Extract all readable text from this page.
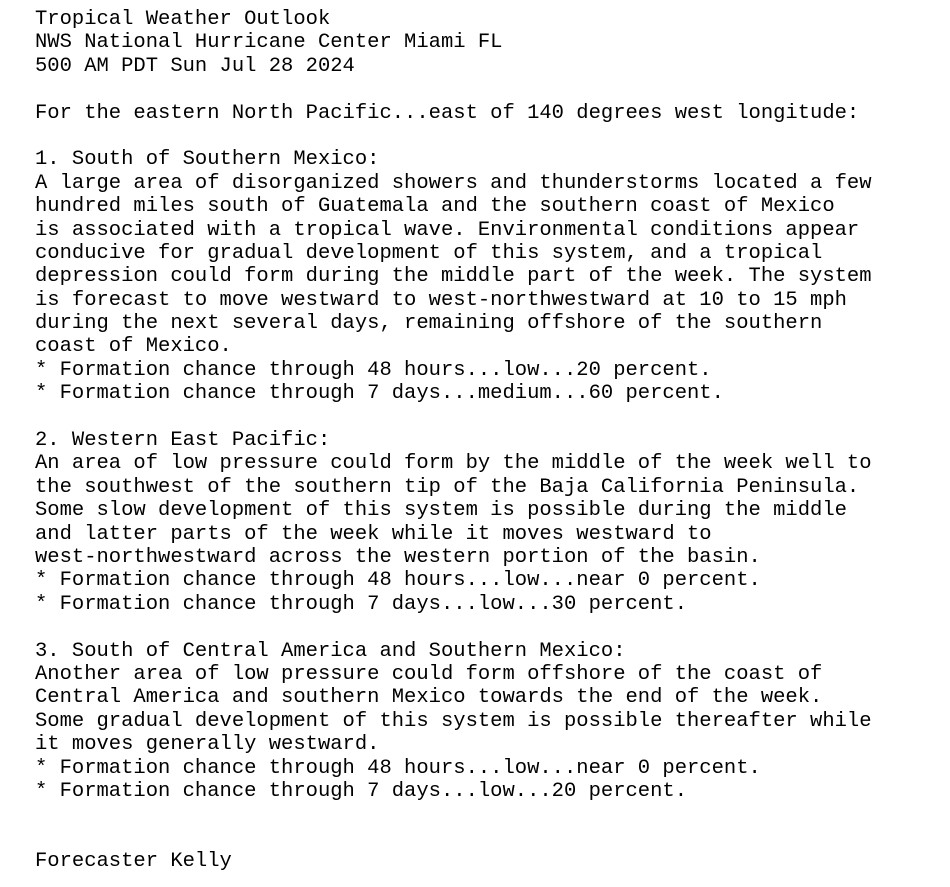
Tropical Weather Outlook
NWS National Hurricane Center Miami FL
500 AM PDT Sun Jul 28 2024
For the eastern North Pacific...east of 140 degrees west longitude:
1. South of Southern Mexico:
A large area of disorganized showers and thunderstorms located a few
hundred miles south of Guatemala and the southern coast of Mexico
is associated with a tropical wave. Environmental conditions appear
conducive for gradual development of this system, and a tropical
depression could form during the middle part of the week. The system
is forecast to move westward to west-northwestward at 10 to 15 mph
during the next several days, remaining offshore of the southern
coast of Mexico.
* Formation chance through 48 hours...low...20 percent.
* Formation chance through 7 days...medium...60 percent.
2. Western East Pacific:
An area of low pressure could form by the middle of the week well to
the southwest of the southern tip of the Baja California Peninsula.
Some slow development of this system is possible during the middle
and latter parts of the week while it moves westward to
west-northwestward across the western portion of the basin.
* Formation chance through 48 hours...low...near 0 percent.
* Formation chance through 7 days...low...30 percent.
3. South of Central America and Southern Mexico:
Another area of low pressure could form offshore of the coast of
Central America and southern Mexico towards the end of the week.
Some gradual development of this system is possible thereafter while
it moves generally westward.
* Formation chance through 48 hours...low...near 0 percent.
* Formation chance through 7 days...low...20 percent.
Forecaster Kelly
